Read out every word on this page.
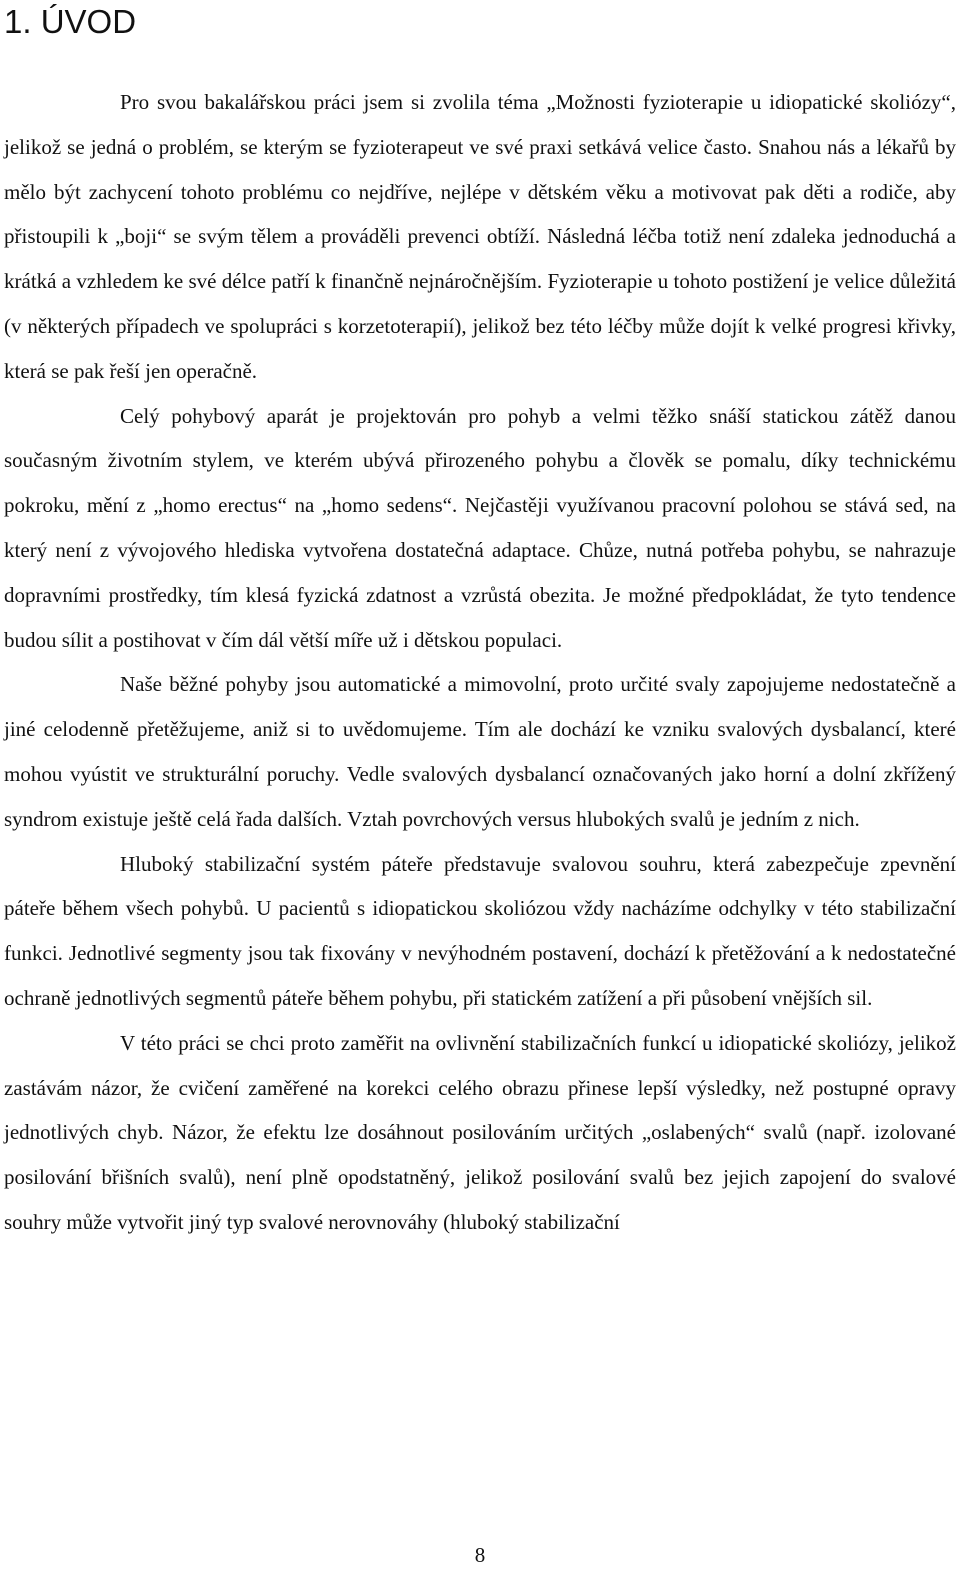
1. ÚVOD

Pro svou bakalářskou práci jsem si zvolila téma „Možnosti fyzioterapie u idiopatické skoliózy“, jelikož se jedná o problém, se kterým se fyzioterapeut ve své praxi setkává velice často. Snahou nás a lékařů by mělo být zachycení tohoto problému co nejdříve, nejlépe v dětském věku a motivovat pak děti a rodiče, aby přistoupili k „boji“ se svým tělem a prováděli prevenci obtíží. Následná léčba totiž není zdaleka jednoduchá a krátká a vzhledem ke své délce patří k finančně nejnáročnějším. Fyzioterapie u tohoto postižení je velice důležitá (v některých případech ve spolupráci s korzetoterapií), jelikož bez této léčby může dojít k velké progresi křivky, která se pak řeší jen operačně.

Celý pohybový aparát je projektován pro pohyb a velmi těžko snáší statickou zátěž danou současným životním stylem, ve kterém ubývá přirozeného pohybu a člověk se pomalu, díky technickému pokroku, mění z „homo erectus“ na „homo sedens“. Nejčastěji využívanou pracovní polohou se stává sed, na který není z vývojového hlediska vytvořena dostatečná adaptace. Chůze, nutná potřeba pohybu, se nahrazuje dopravními prostředky, tím klesá fyzická zdatnost a vzrůstá obezita. Je možné předpokládat, že tyto tendence budou sílit a postihovat v čím dál větší míře už i dětskou populaci.

Naše běžné pohyby jsou automatické a mimovolní, proto určité svaly zapojujeme nedostatečně a jiné celodenně přetěžujeme, aniž si to uvědomujeme. Tím ale dochází ke vzniku svalových dysbalancí, které mohou vyústit ve strukturální poruchy. Vedle svalových dysbalancí označovaných jako horní a dolní zkřížený syndrom existuje ještě celá řada dalších. Vztah povrchových versus hlubokých svalů je jedním z nich.

Hluboký stabilizační systém páteře představuje svalovou souhru, která zabezpečuje zpevnění páteře během všech pohybů. U pacientů s idiopatickou skoliózou vždy nacházíme odchylky v této stabilizační funkci. Jednotlivé segmenty jsou tak fixovány v nevýhodném postavení, dochází k přetěžování a k nedostatečné ochraně jednotlivých segmentů páteře během pohybu, při statickém zatížení a při působení vnějších sil.

V této práci se chci proto zaměřit na ovlivnění stabilizačních funkcí u idiopatické skoliózy, jelikož zastávám názor, že cvičení zaměřené na korekci celého obrazu přinese lepší výsledky, než postupné opravy jednotlivých chyb. Názor, že efektu lze dosáhnout posilováním určitých „oslabených“ svalů (např. izolované posilování břišních svalů), není plně opodstatněný, jelikož posilování svalů bez jejich zapojení do svalové souhry může vytvořit jiný typ svalové nerovnováhy (hluboký stabilizační

8
